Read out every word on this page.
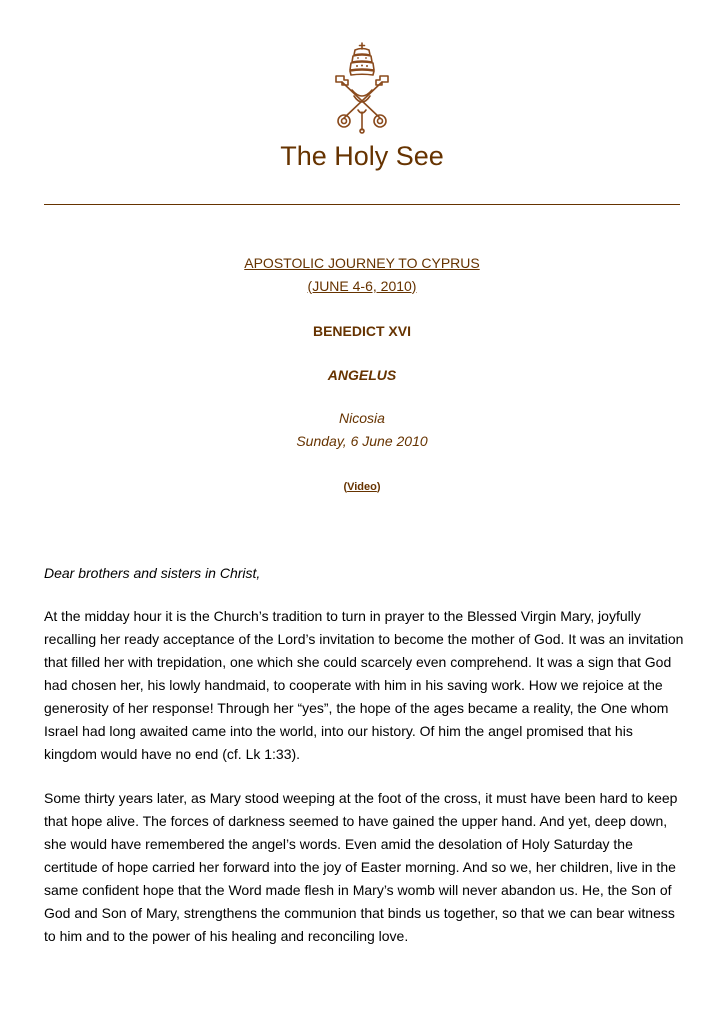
The Holy See
APOSTOLIC JOURNEY TO CYPRUS
(JUNE 4-6, 2010)
BENEDICT XVI
ANGELUS
Nicosia
Sunday, 6 June 2010
(Video)

Dear brothers and sisters in Christ,

At the midday hour it is the Church’s tradition to turn in prayer to the Blessed Virgin Mary, joyfully recalling her ready acceptance of the Lord’s invitation to become the mother of God. It was an invitation that filled her with trepidation, one which she could scarcely even comprehend. It was a sign that God had chosen her, his lowly handmaid, to cooperate with him in his saving work. How we rejoice at the generosity of her response! Through her “yes”, the hope of the ages became a reality, the One whom Israel had long awaited came into the world, into our history. Of him the angel promised that his kingdom would have no end (cf. Lk 1:33).

Some thirty years later, as Mary stood weeping at the foot of the cross, it must have been hard to keep that hope alive. The forces of darkness seemed to have gained the upper hand. And yet, deep down, she would have remembered the angel’s words. Even amid the desolation of Holy Saturday the certitude of hope carried her forward into the joy of Easter morning. And so we, her children, live in the same confident hope that the Word made flesh in Mary’s womb will never abandon us. He, the Son of God and Son of Mary, strengthens the communion that binds us together, so that we can bear witness to him and to the power of his healing and reconciling love.
